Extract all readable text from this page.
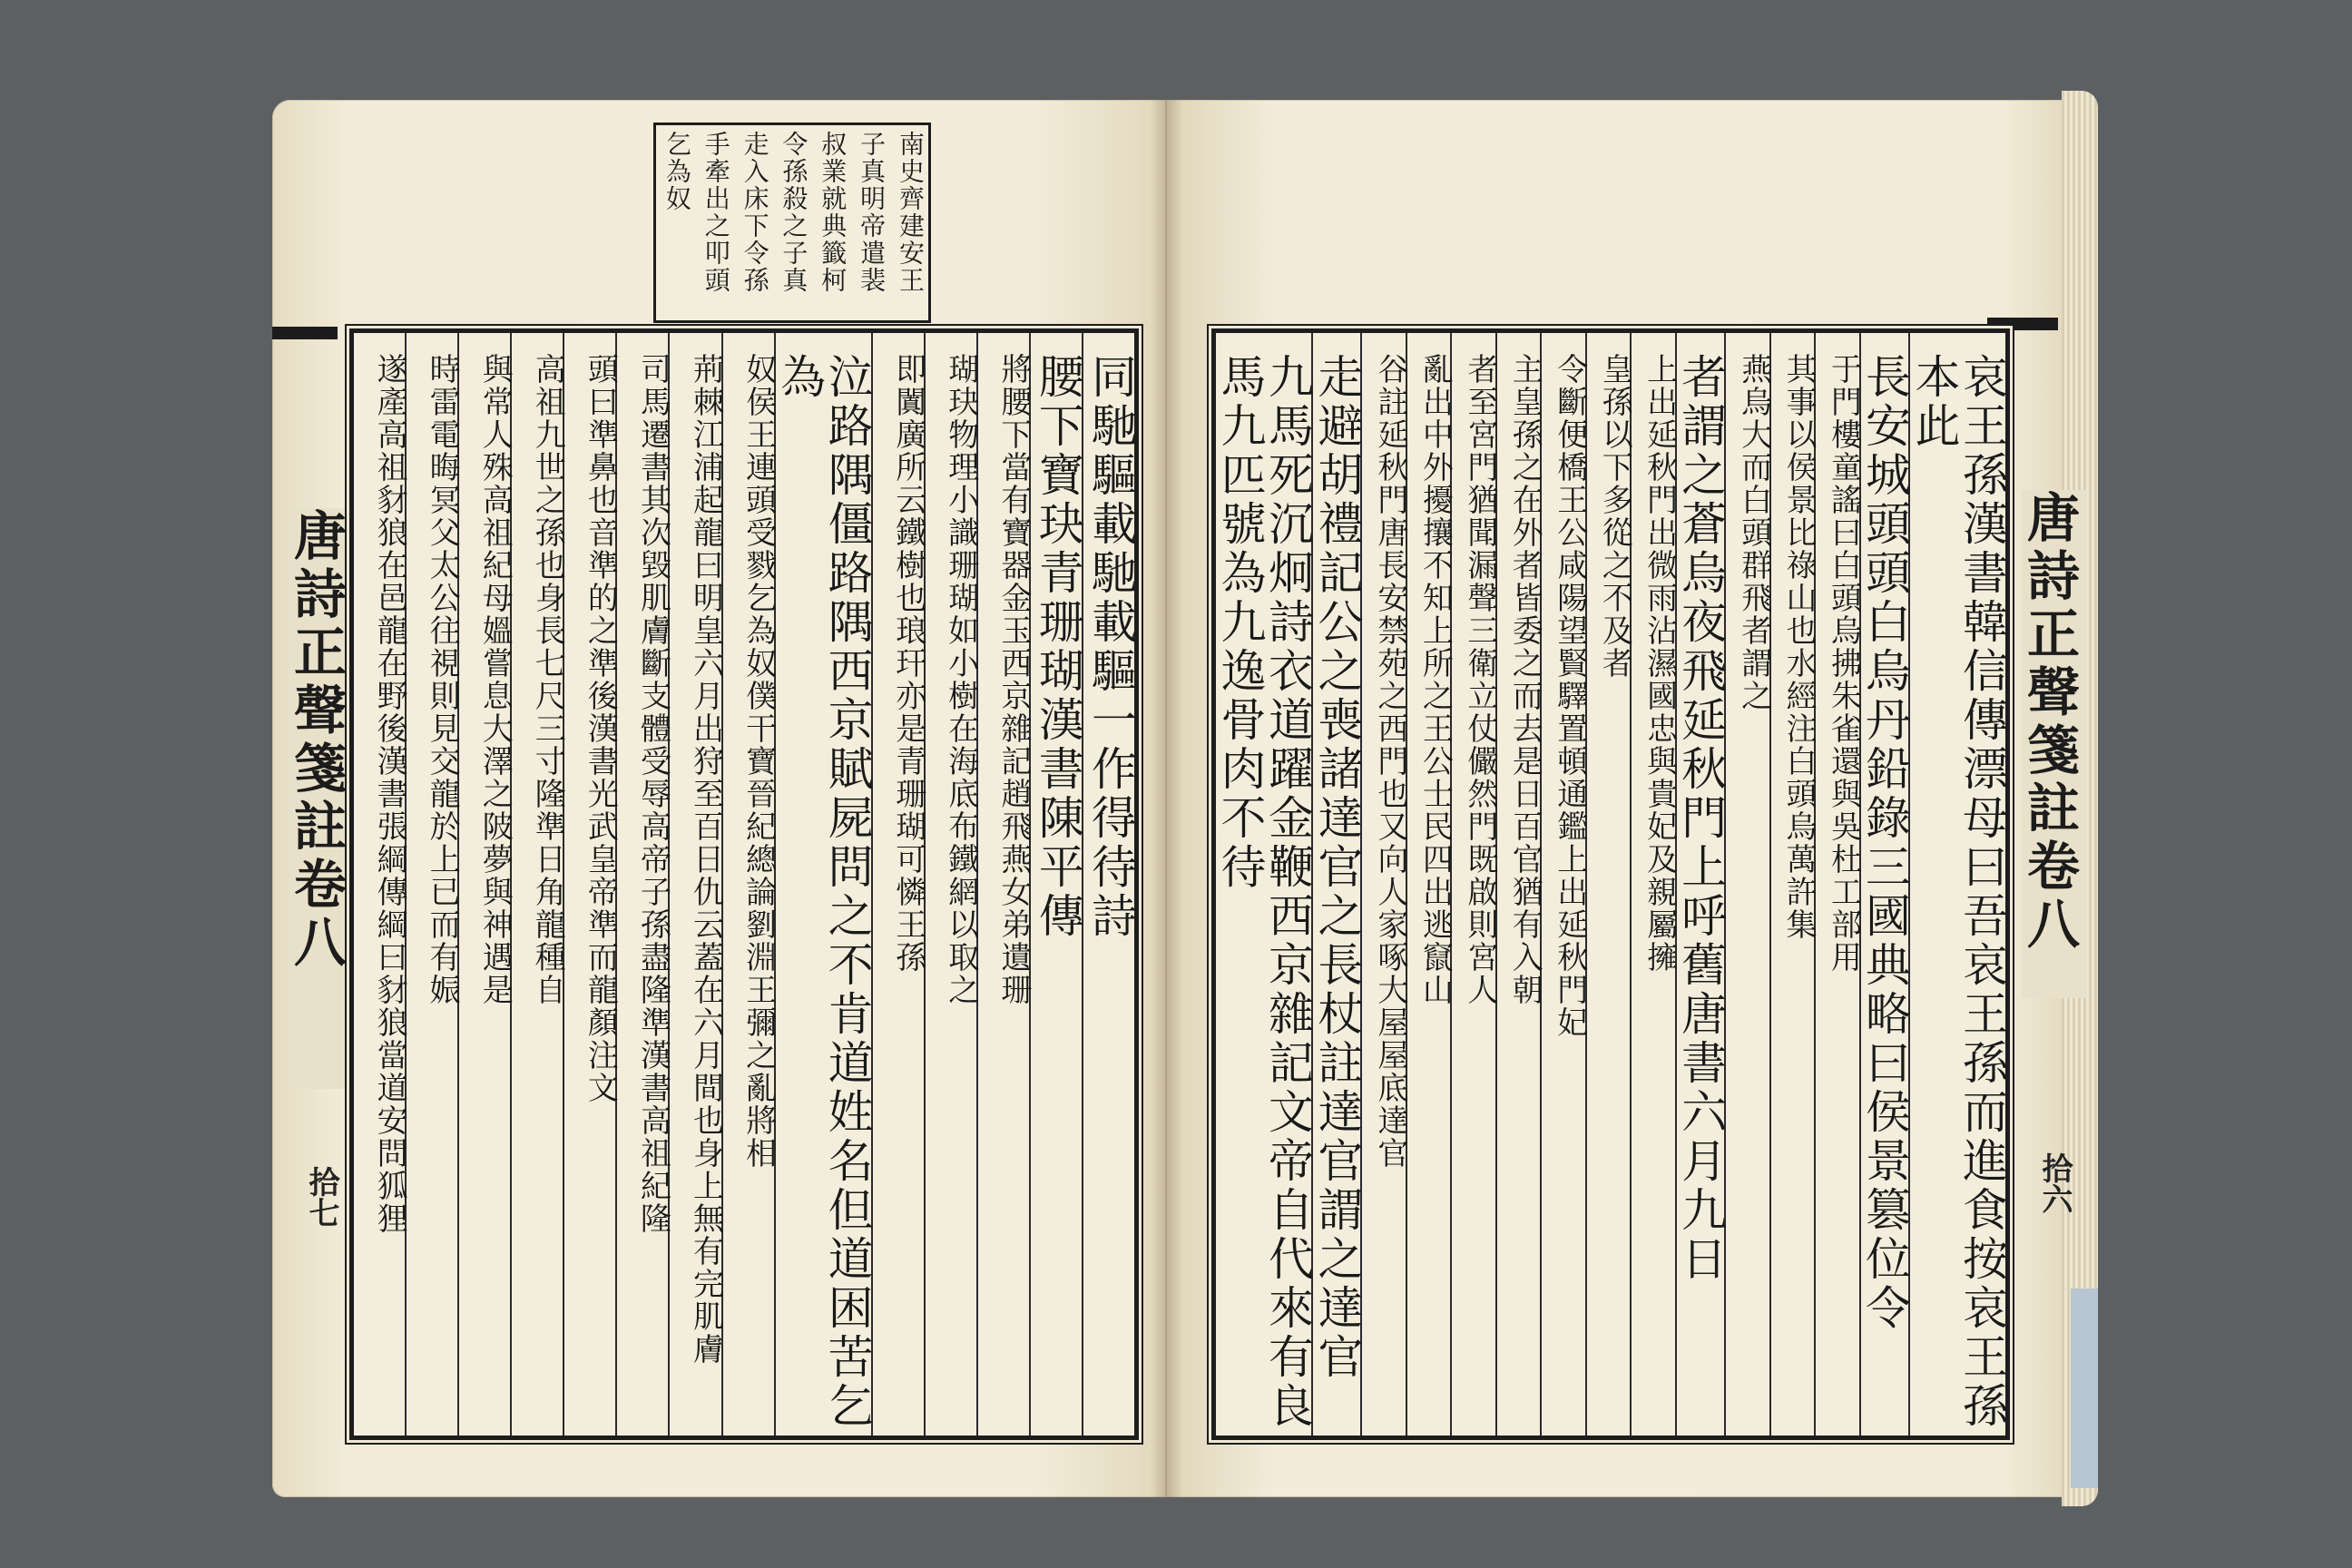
南史齊建安王
子真明帝遣裴
叔業就典籤柯
令孫殺之子真
走入床下令孫
手牽出之叩頭
乞為奴
唐詩正聲箋註卷八
拾七
唐詩正聲箋註卷八
拾六
同馳驅載馳載驅一作得待詩
腰下寶玦青珊瑚漢書陳平傳
將腰下當有寶器金玉西京雜記趙飛燕女弟遺珊
瑚玦物理小識珊瑚如小樹在海底布鐵網以取之
即闐廣所云鐵樹也琅玕亦是青珊瑚可憐王孫
泣路隅僵路隅西京賦屍問之不肯道姓名但道困苦乞為
奴侯王連頭受戮乞為奴僕干寶晉紀總論劉淵王彌之亂將相
荊棘江浦起龍曰明皇六月出狩至百日仇云蓋在六月間也身上無有完肌膚
司馬遷書其次毀肌膚斷支體受辱高帝子孫盡隆準漢書高祖紀隆
頭曰準鼻也音準的之準後漢書光武皇帝準而龍顏注文
高祖九世之孫也身長七尺三寸隆準日角龍種自
與常人殊高祖紀母媼嘗息大澤之陂夢與神遇是
時雷電晦冥父太公往視則見交龍於上已而有娠
遂產高祖豺狼在邑龍在野後漢書張綱傳綱曰豺狼當道安問狐狸	哀王孫漢書韓信傳漂母曰吾哀王孫而進食按哀王孫本此
長安城頭頭白烏丹鉛錄三國典略曰侯景篡位令
于門樓童謠曰白頭烏拂朱雀還與吳杜工部用
其事以侯景比祿山也水經注白頭烏萬許集
燕烏大而白頭群飛者謂之
者謂之蒼烏夜飛延秋門上呼舊唐書六月九日
上出延秋門出微雨沾濕國忠與貴妃及親屬擁
皇孫以下多從之不及者
令斷便橋王公咸陽望賢驛置頓通鑑上出延秋門妃
主皇孫之在外者皆委之而去是日百官猶有入朝
者至宮門猶聞漏聲三衛立仗儼然門既啟則宮人
亂出中外擾攘不知上所之王公士民四出逃竄山
谷註延秋門唐長安禁苑之西門也又向人家啄大屋屋底達官
走避胡禮記公之喪諸達官之長杖註達官謂之達官
九馬死沉炯詩衣道躍金鞭西京雜記文帝自代來有良馬九匹號為九逸骨肉不待
